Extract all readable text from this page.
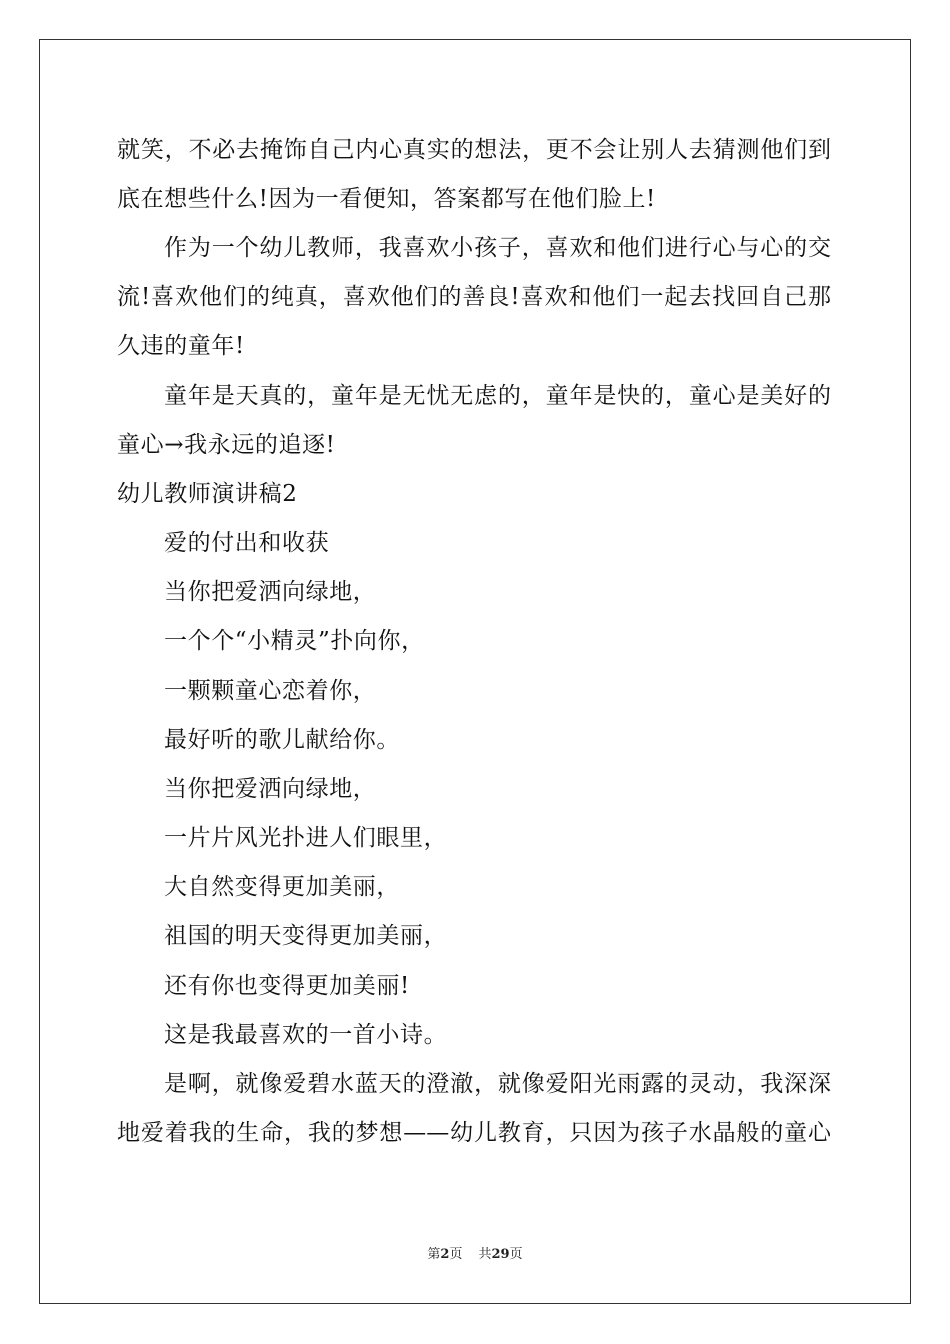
就笑，不必去掩饰自己内心真实的想法，更不会让别人去猜测他们到

底在想些什么!因为一看便知，答案都写在他们脸上!

作为一个幼儿教师，我喜欢小孩子，喜欢和他们进行心与心的交

流!喜欢他们的纯真，喜欢他们的善良!喜欢和他们一起去找回自己那

久违的童年!

童年是天真的，童年是无忧无虑的，童年是快的，童心是美好的

童心→我永远的追逐!

幼儿教师演讲稿2

爱的付出和收获

当你把爱洒向绿地，

一个个“小精灵”扑向你，

一颗颗童心恋着你，

最好听的歌儿献给你。

当你把爱洒向绿地，

一片片风光扑进人们眼里，

大自然变得更加美丽，

祖国的明天变得更加美丽，

还有你也变得更加美丽!

这是我最喜欢的一首小诗。

是啊，就像爱碧水蓝天的澄澈，就像爱阳光雨露的灵动，我深深

地爱着我的生命，我的梦想——幼儿教育，只因为孩子水晶般的童心

第2页 共29页
